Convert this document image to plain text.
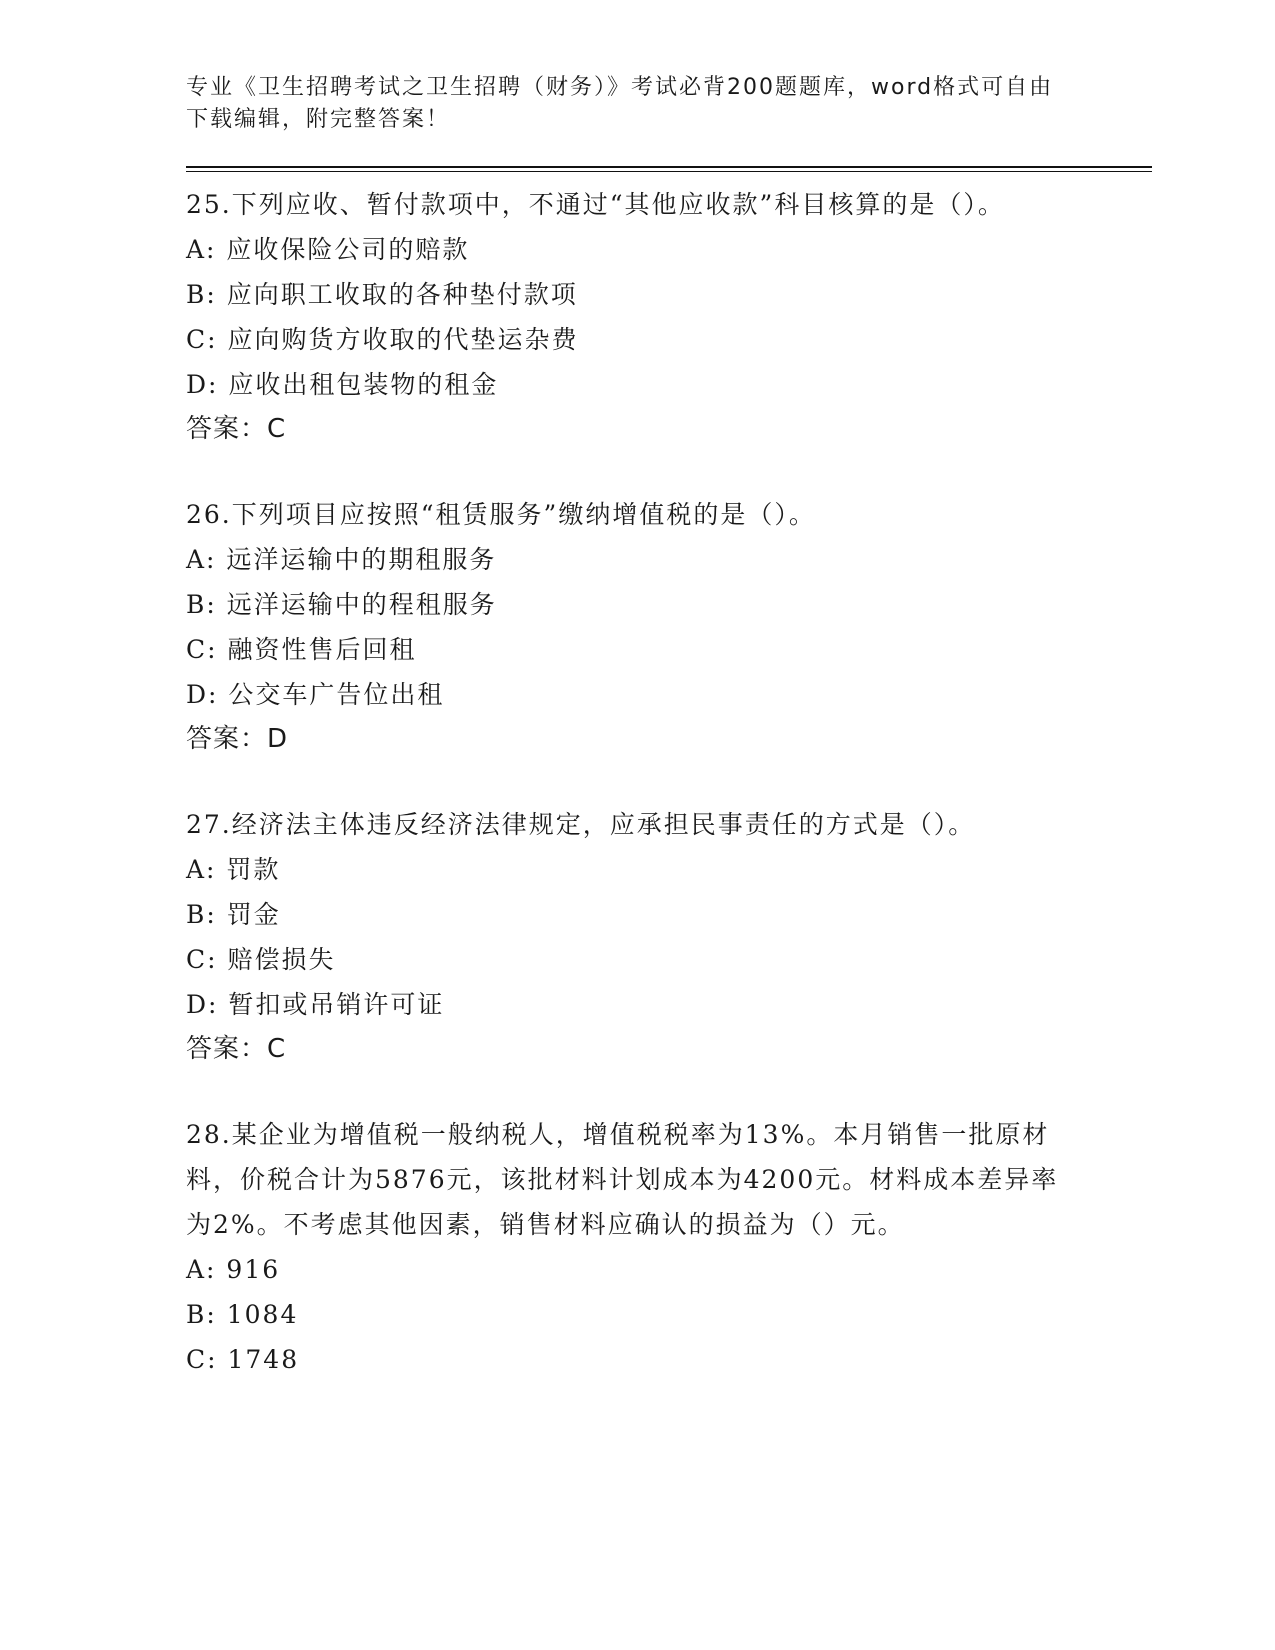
专业《卫生招聘考试之卫生招聘（财务）》考试必背200题题库，word格式可自由下载编辑，附完整答案！
25.下列应收、暂付款项中，不通过“其他应收款”科目核算的是（）。
A: 应收保险公司的赔款
B: 应向职工收取的各种垫付款项
C: 应向购货方收取的代垫运杂费
D: 应收出租包装物的租金
答案：C
26.下列项目应按照“租赁服务”缴纳增值税的是（）。
A: 远洋运输中的期租服务
B: 远洋运输中的程租服务
C: 融资性售后回租
D: 公交车广告位出租
答案：D
27.经济法主体违反经济法律规定，应承担民事责任的方式是（）。
A: 罚款
B: 罚金
C: 赔偿损失
D: 暂扣或吊销许可证
答案：C
28.某企业为增值税一般纳税人，增值税税率为13%。本月销售一批原材料，价税合计为5876元，该批材料计划成本为4200元。材料成本差异率为2%。不考虑其他因素，销售材料应确认的损益为（）元。
A: 916
B: 1084
C: 1748
